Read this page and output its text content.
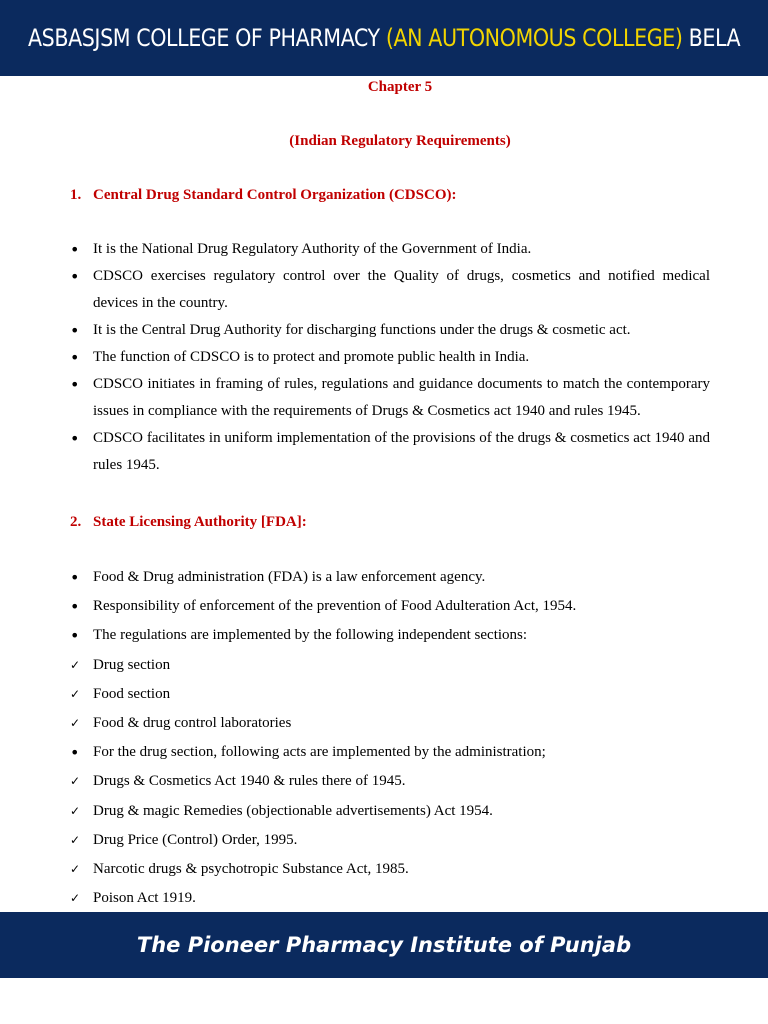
ASBASJSM COLLEGE OF PHARMACY (AN AUTONOMOUS COLLEGE) BELA
Chapter 5
(Indian Regulatory Requirements)
1. Central Drug Standard Control Organization (CDSCO):
• It is the National Drug Regulatory Authority of the Government of India.
• CDSCO exercises regulatory control over the Quality of drugs, cosmetics and notified medical devices in the country.
• It is the Central Drug Authority for discharging functions under the drugs & cosmetic act.
• The function of CDSCO is to protect and promote public health in India.
• CDSCO initiates in framing of rules, regulations and guidance documents to match the contemporary issues in compliance with the requirements of Drugs & Cosmetics act 1940 and rules 1945.
• CDSCO facilitates in uniform implementation of the provisions of the drugs & cosmetics act 1940 and rules 1945.
2. State Licensing Authority [FDA]:
• Food & Drug administration (FDA) is a law enforcement agency.
• Responsibility of enforcement of the prevention of Food Adulteration Act, 1954.
• The regulations are implemented by the following independent sections:
✓ Drug section
✓ Food section
✓ Food & drug control laboratories
• For the drug section, following acts are implemented by the administration;
✓ Drugs & Cosmetics Act 1940 & rules there of 1945.
✓ Drug & magic Remedies (objectionable advertisements) Act 1954.
✓ Drug Price (Control) Order, 1995.
✓ Narcotic drugs & psychotropic Substance Act, 1985.
✓ Poison Act 1919.
The Pioneer Pharmacy Institute of Punjab
